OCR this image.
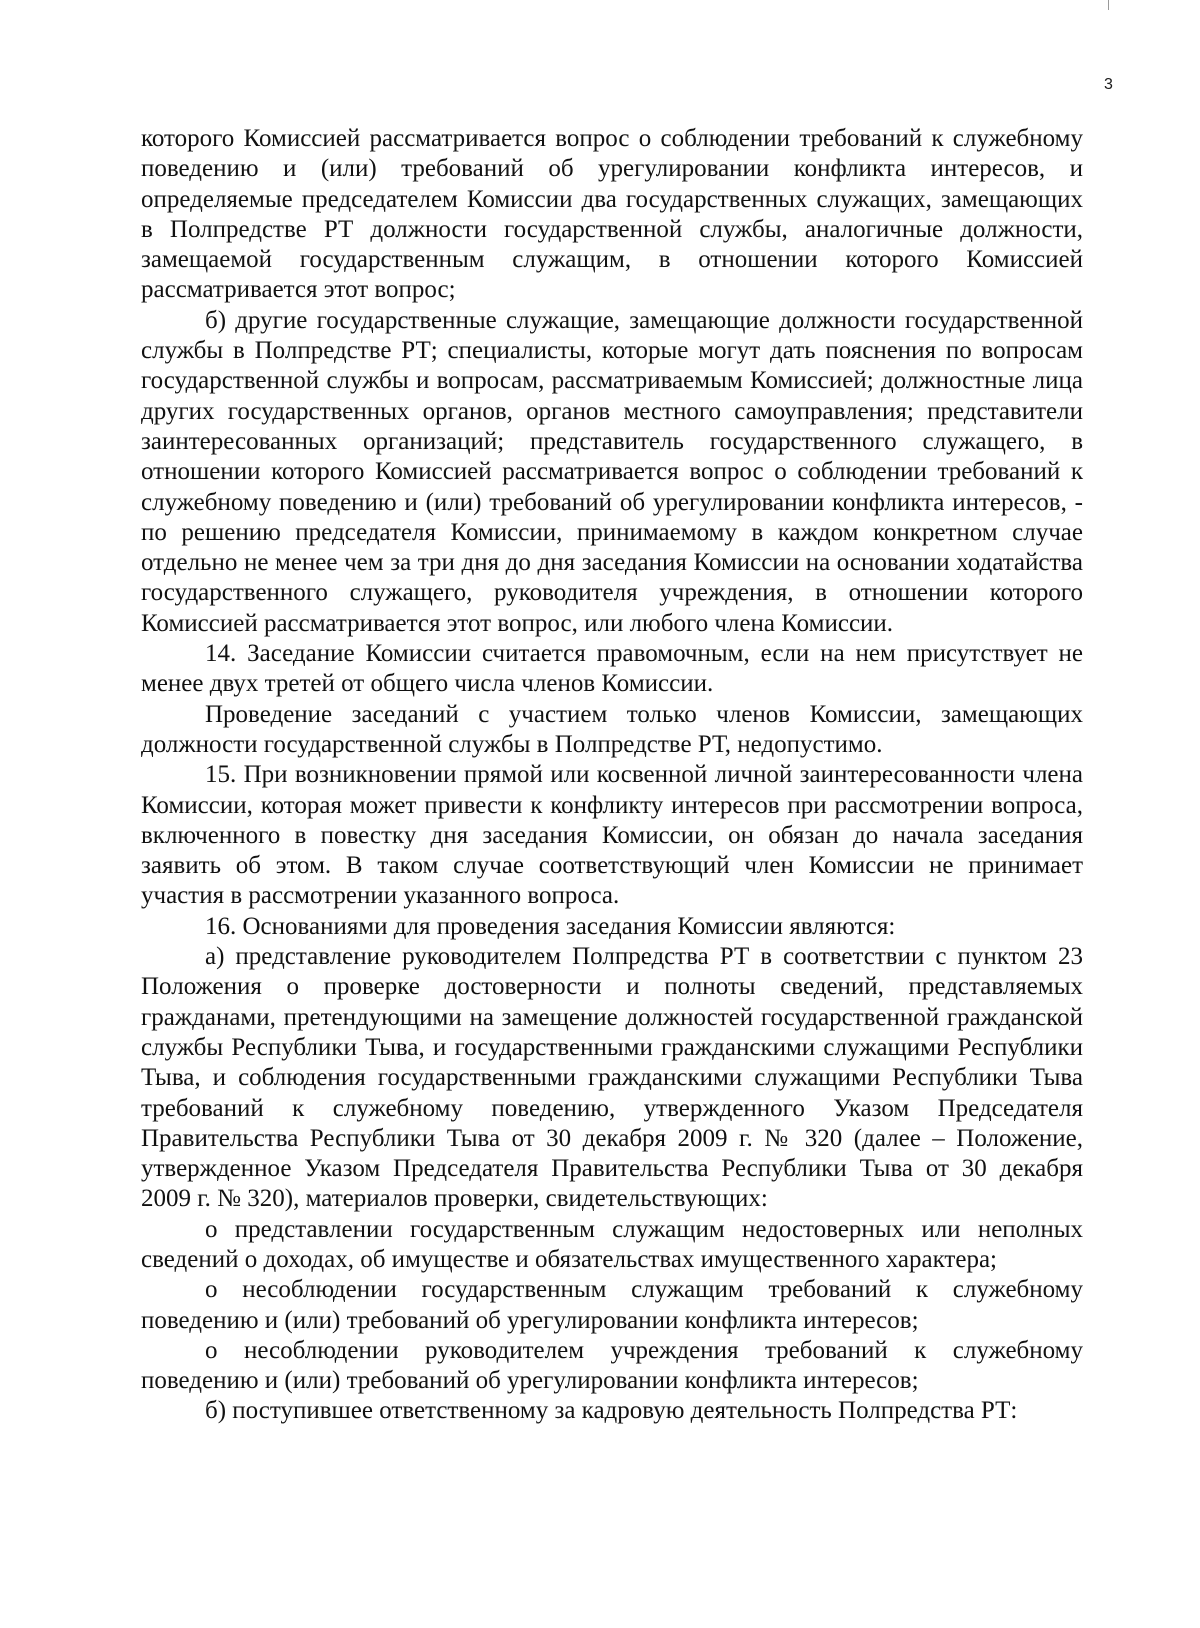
3

которого Комиссией рассматривается вопрос о соблюдении требований к служебному поведению и (или) требований об урегулировании конфликта интересов, и определяемые председателем Комиссии два государственных служащих, замещающих в Полпредстве РТ должности государственной службы, аналогичные должности, замещаемой государственным служащим, в отношении которого Комиссией рассматривается этот вопрос;

б) другие государственные служащие, замещающие должности государственной службы в Полпредстве РТ; специалисты, которые могут дать пояснения по вопросам государственной службы и вопросам, рассматриваемым Комиссией; должностные лица других государственных органов, органов местного самоуправления; представители заинтересованных организаций; представитель государственного служащего, в отношении которого Комиссией рассматривается вопрос о соблюдении требований к служебному поведению и (или) требований об урегулировании конфликта интересов, - по решению председателя Комиссии, принимаемому в каждом конкретном случае отдельно не менее чем за три дня до дня заседания Комиссии на основании ходатайства государственного служащего, руководителя учреждения, в отношении которого Комиссией рассматривается этот вопрос, или любого члена Комиссии.

14. Заседание Комиссии считается правомочным, если на нем присутствует не менее двух третей от общего числа членов Комиссии.

Проведение заседаний с участием только членов Комиссии, замещающих должности государственной службы в Полпредстве РТ, недопустимо.

15. При возникновении прямой или косвенной личной заинтересованности члена Комиссии, которая может привести к конфликту интересов при рассмотрении вопроса, включенного в повестку дня заседания Комиссии, он обязан до начала заседания заявить об этом. В таком случае соответствующий член Комиссии не принимает участия в рассмотрении указанного вопроса.

16. Основаниями для проведения заседания Комиссии являются:

а) представление руководителем Полпредства РТ в соответствии с пунктом 23 Положения о проверке достоверности и полноты сведений, представляемых гражданами, претендующими на замещение должностей государственной гражданской службы Республики Тыва, и государственными гражданскими служащими Республики Тыва, и соблюдения государственными гражданскими служащими Республики Тыва требований к служебному поведению, утвержденного Указом Председателя Правительства Республики Тыва от 30 декабря 2009 г. № 320 (далее – Положение, утвержденное Указом Председателя Правительства Республики Тыва от 30 декабря 2009 г. № 320), материалов проверки, свидетельствующих:

о представлении государственным служащим недостоверных или неполных сведений о доходах, об имуществе и обязательствах имущественного характера;

о несоблюдении государственным служащим требований к служебному поведению и (или) требований об урегулировании конфликта интересов;

о несоблюдении руководителем учреждения требований к служебному поведению и (или) требований об урегулировании конфликта интересов;

б) поступившее ответственному за кадровую деятельность Полпредства РТ:
